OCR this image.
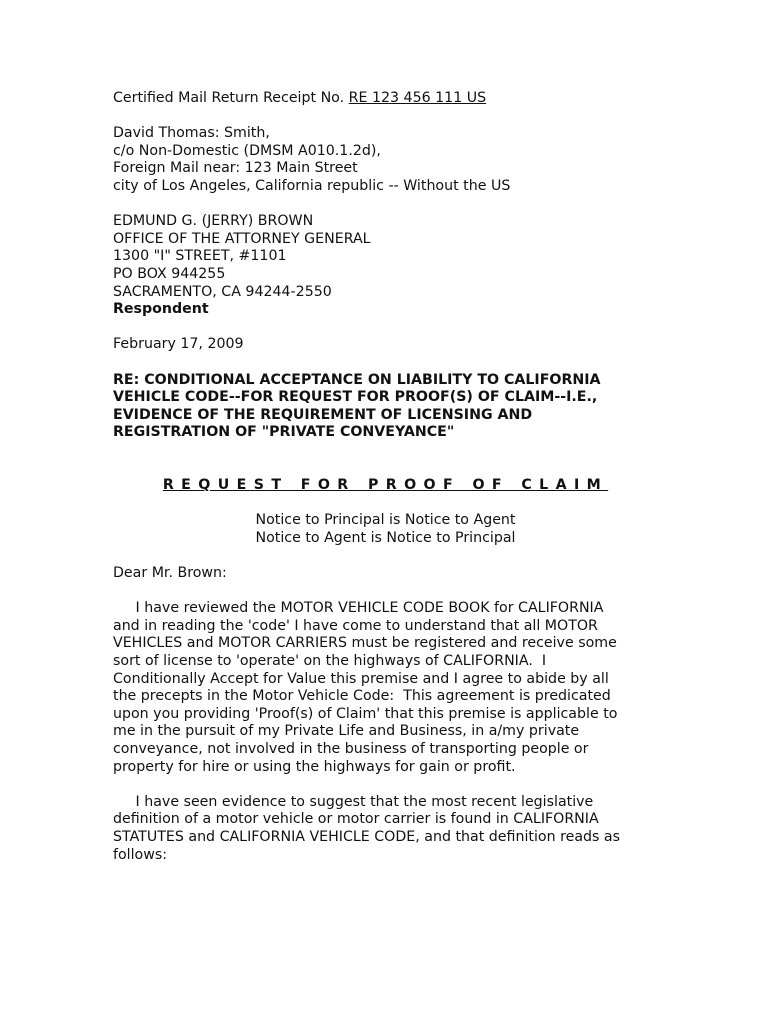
Certified Mail Return Receipt No. RE 123 456 111 US

David Thomas: Smith,

c/o Non-Domestic (DMSM A010.1.2d),

Foreign Mail near: 123 Main Street

city of Los Angeles, California republic -- Without the US

EDMUND G. (JERRY) BROWN

OFFICE OF THE ATTORNEY GENERAL

1300 "I" STREET, #1101

PO BOX 944255

SACRAMENTO, CA 94244-2550

Respondent

February 17, 2009

RE: CONDITIONAL ACCEPTANCE ON LIABILITY TO CALIFORNIA

VEHICLE CODE--FOR REQUEST FOR PROOF(S) OF CLAIM--I.E.,

EVIDENCE OF THE REQUIREMENT OF LICENSING AND

REGISTRATION OF "PRIVATE CONVEYANCE"

REQUEST FOR PROOF OF CLAIM

Notice to Principal is Notice to Agent

Notice to Agent is Notice to Principal

Dear Mr. Brown:

I have reviewed the MOTOR VEHICLE CODE BOOK for CALIFORNIA

and in reading the 'code' I have come to understand that all MOTOR

VEHICLES and MOTOR CARRIERS must be registered and receive some

sort of license to 'operate' on the highways of CALIFORNIA.  I

Conditionally Accept for Value this premise and I agree to abide by all

the precepts in the Motor Vehicle Code:  This agreement is predicated

upon you providing 'Proof(s) of Claim' that this premise is applicable to

me in the pursuit of my Private Life and Business, in a/my private

conveyance, not involved in the business of transporting people or

property for hire or using the highways for gain or profit.

I have seen evidence to suggest that the most recent legislative

definition of a motor vehicle or motor carrier is found in CALIFORNIA

STATUTES and CALIFORNIA VEHICLE CODE, and that definition reads as

follows:
